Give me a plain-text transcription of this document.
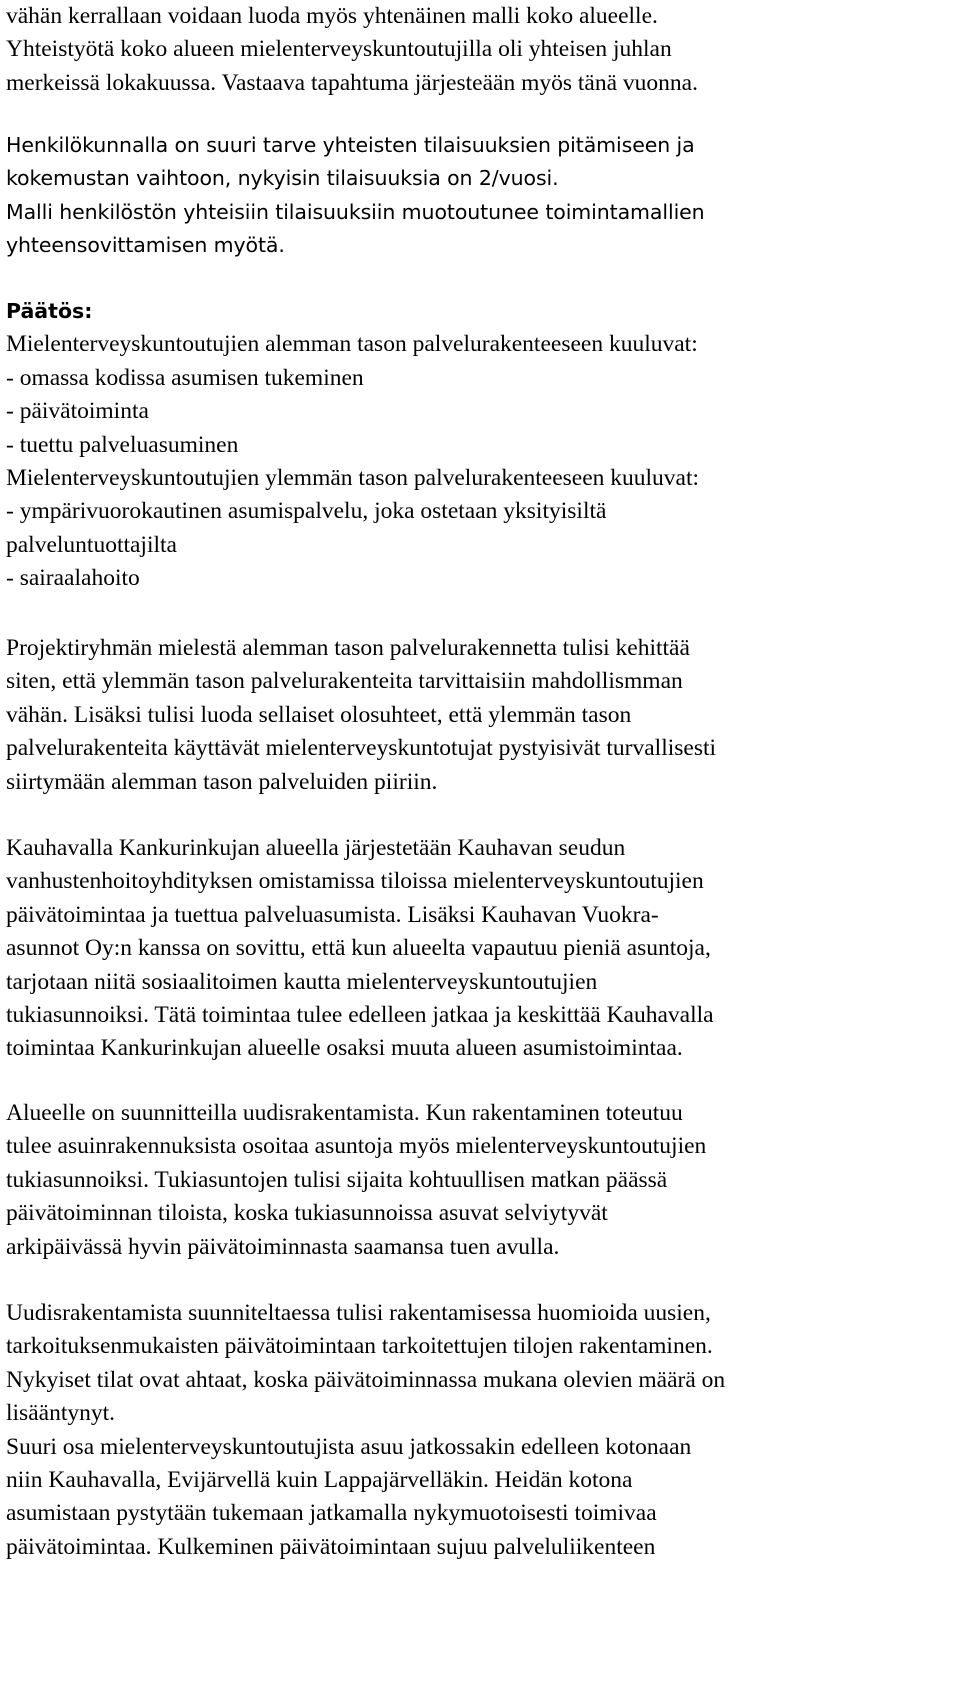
vähän kerrallaan voidaan luoda myös yhtenäinen malli koko alueelle.
Yhteistyötä koko alueen mielenterveyskuntoutujilla oli yhteisen juhlan
merkeissä lokakuussa. Vastaava tapahtuma järjesteään myös tänä vuonna.
Henkilökunnalla on suuri tarve yhteisten tilaisuuksien pitämiseen ja
kokemustan vaihtoon, nykyisin tilaisuuksia on 2/vuosi.
Malli henkilöstön yhteisiin tilaisuuksiin muotoutunee toimintamallien
yhteensovittamisen myötä.
Päätös:
Mielenterveyskuntoutujien alemman tason palvelurakenteeseen kuuluvat:
- omassa kodissa asumisen tukeminen
- päivätoiminta
- tuettu palveluasuminen
Mielenterveyskuntoutujien ylemmän tason palvelurakenteeseen kuuluvat:
- ympärivuorokautinen asumispalvelu, joka ostetaan yksityisiltä
palveluntuottajilta
- sairaalahoito
Projektiryhmän mielestä alemman tason palvelurakennetta tulisi kehittää
siten, että ylemmän tason palvelurakenteita tarvittaisiin mahdollismman
vähän. Lisäksi tulisi luoda sellaiset olosuhteet, että ylemmän tason
palvelurakenteita käyttävät mielenterveyskuntotujat pystyisivät turvallisesti
siirtymään alemman tason palveluiden piiriin.
Kauhavalla Kankurinkujan alueella järjestetään Kauhavan seudun
vanhustenhoitoyhdityksen omistamissa tiloissa mielenterveyskuntoutujien
päivätoimintaa ja tuettua palveluasumista. Lisäksi Kauhavan Vuokra-
asunnot Oy:n kanssa on sovittu, että kun alueelta vapautuu pieniä asuntoja,
tarjotaan niitä sosiaalitoimen kautta mielenterveyskuntoutujien
tukiasunnoiksi. Tätä toimintaa tulee edelleen jatkaa ja keskittää Kauhavalla
toimintaa Kankurinkujan alueelle osaksi muuta alueen asumistoimintaa.
Alueelle on suunnitteilla uudisrakentamista. Kun rakentaminen toteutuu
tulee asuinrakennuksista osoitaa asuntoja myös mielenterveyskuntoutujien
tukiasunnoiksi. Tukiasuntojen tulisi sijaita kohtuullisen matkan päässä
päivätoiminnan tiloista, koska tukiasunnoissa asuvat selviytyvät
arkipäivässä hyvin päivätoiminnasta saamansa tuen avulla.
Uudisrakentamista suunniteltaessa tulisi rakentamisessa huomioida uusien,
tarkoituksenmukaisten päivätoimintaan tarkoitettujen tilojen rakentaminen.
Nykyiset tilat ovat ahtaat, koska päivätoiminnassa mukana olevien määrä on
lisääntynyt.
Suuri osa mielenterveyskuntoutujista asuu jatkossakin edelleen kotonaan
niin Kauhavalla, Evijärvellä kuin Lappajärvelläkin. Heidän kotona
asumistaan pystytään tukemaan jatkamalla nykymuotoisesti toimivaa
päivätoimintaa. Kulkeminen päivätoimintaan sujuu palveluliikenteen
